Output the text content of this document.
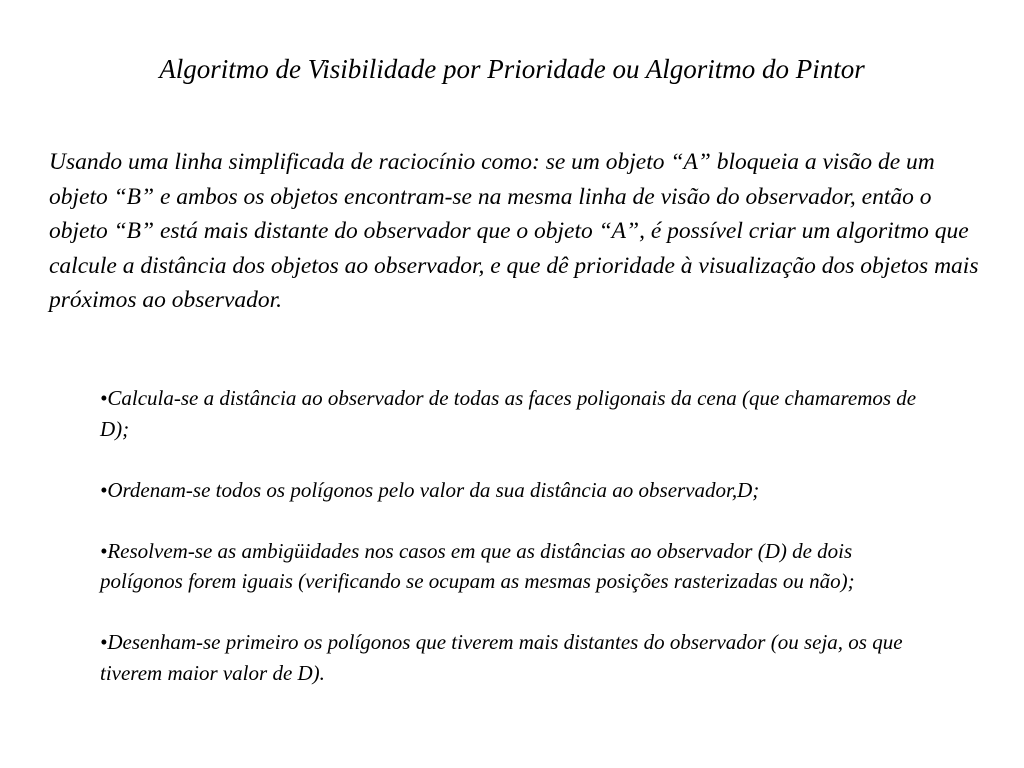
Algoritmo de Visibilidade por Prioridade ou Algoritmo do Pintor

Usando uma linha simplificada de raciocínio como: se um objeto “A” bloqueia a visão de um objeto “B” e ambos os objetos encontram-se na mesma linha de visão do observador, então o objeto “B” está mais distante do observador que o objeto “A”, é possível criar um algoritmo que calcule a distância dos objetos ao observador, e que dê prioridade à visualização dos objetos mais próximos ao observador.

•Calcula-se a distância ao observador de todas as faces poligonais da cena (que chamaremos de D);
•Ordenam-se todos os polígonos pelo valor da sua distância ao observador,D;
•Resolvem-se as ambigüidades nos casos em que as distâncias ao observador (D) de dois polígonos forem iguais (verificando se ocupam as mesmas posições rasterizadas ou não);
•Desenham-se primeiro os polígonos que tiverem mais distantes do observador (ou seja, os que tiverem maior valor de D).
